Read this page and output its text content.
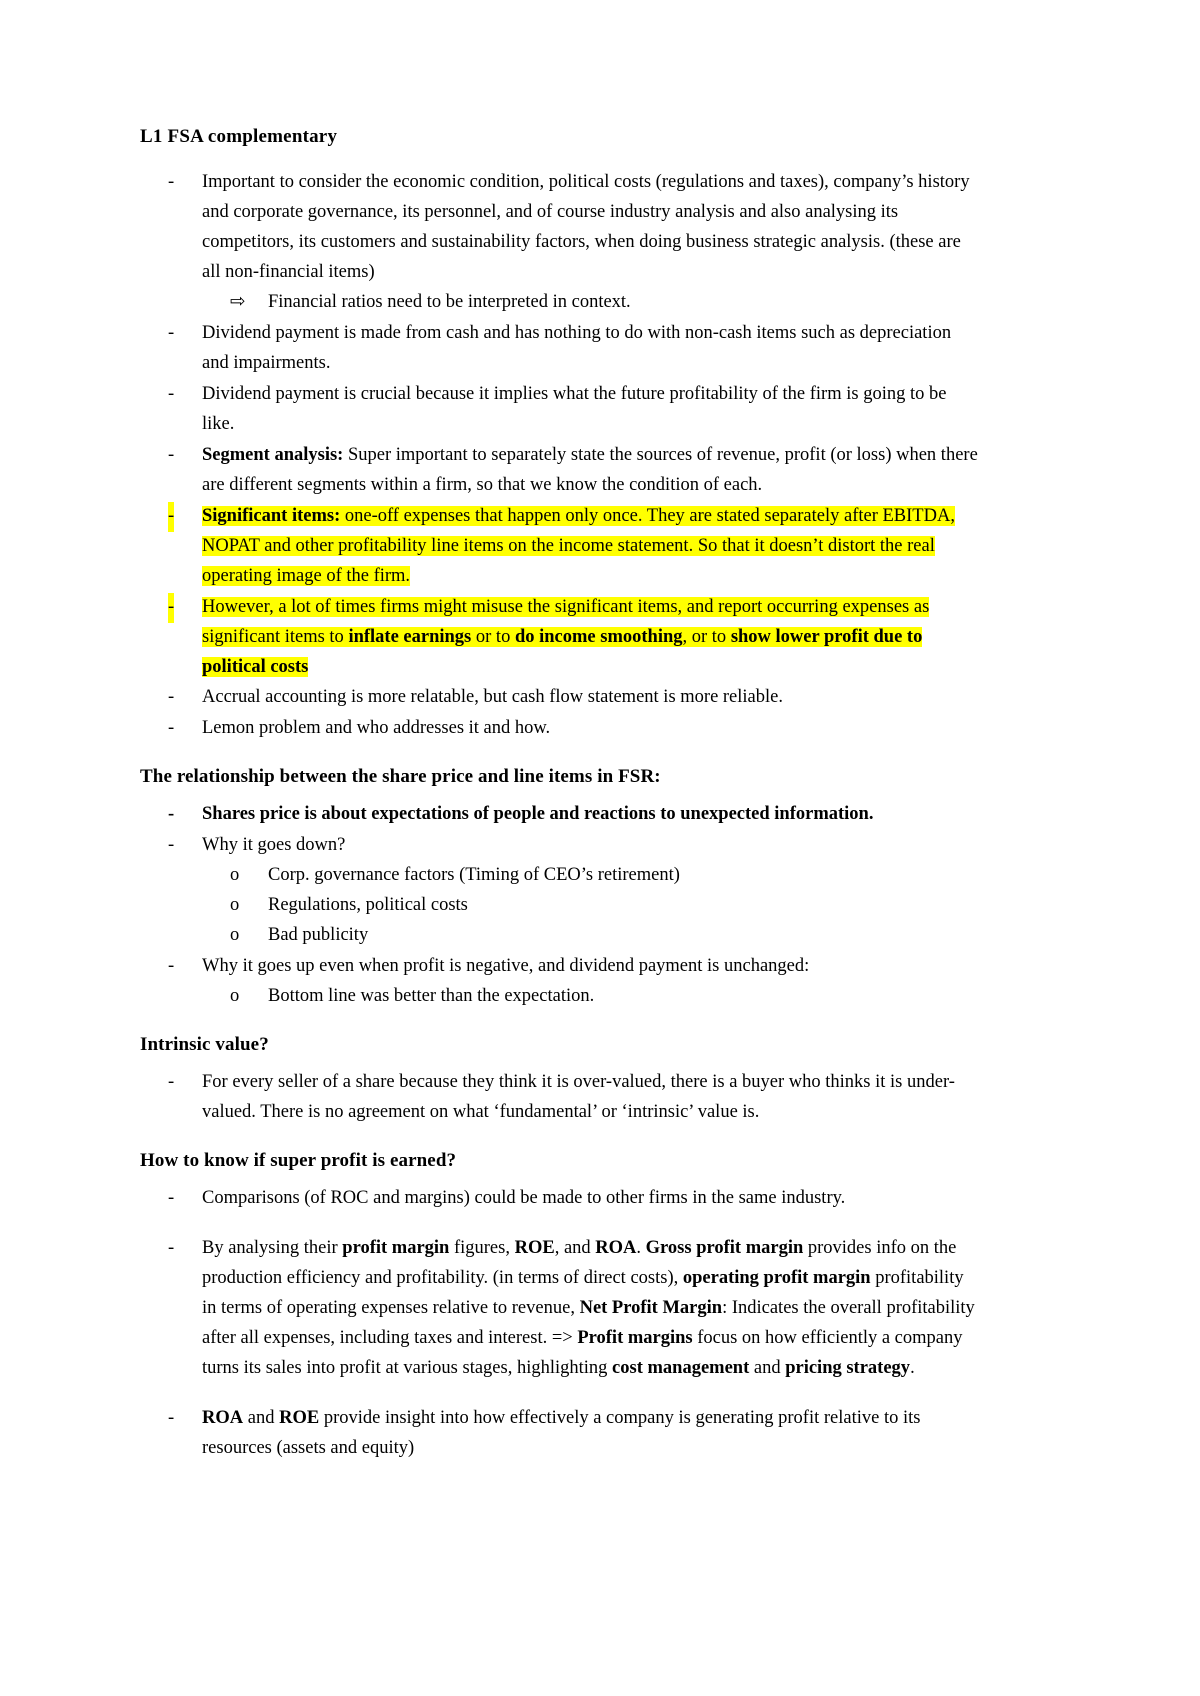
L1 FSA complementary
- Important to consider the economic condition, political costs (regulations and taxes), company’s history and corporate governance, its personnel, and of course industry analysis and also analysing its competitors, its customers and sustainability factors, when doing business strategic analysis. (these are all non-financial items)
⇨ Financial ratios need to be interpreted in context.
- Dividend payment is made from cash and has nothing to do with non-cash items such as depreciation and impairments.
- Dividend payment is crucial because it implies what the future profitability of the firm is going to be like.
- Segment analysis: Super important to separately state the sources of revenue, profit (or loss) when there are different segments within a firm, so that we know the condition of each.
- Significant items: one-off expenses that happen only once. They are stated separately after EBITDA, NOPAT and other profitability line items on the income statement. So that it doesn’t distort the real operating image of the firm.
- However, a lot of times firms might misuse the significant items, and report occurring expenses as significant items to inflate earnings or to do income smoothing, or to show lower profit due to political costs
- Accrual accounting is more relatable, but cash flow statement is more reliable.
- Lemon problem and who addresses it and how.
The relationship between the share price and line items in FSR:
- Shares price is about expectations of people and reactions to unexpected information.
- Why it goes down?
o Corp. governance factors (Timing of CEO’s retirement)
o Regulations, political costs
o Bad publicity
- Why it goes up even when profit is negative, and dividend payment is unchanged:
o Bottom line was better than the expectation.
Intrinsic value?
- For every seller of a share because they think it is over-valued, there is a buyer who thinks it is under-valued. There is no agreement on what ‘fundamental’ or ‘intrinsic’ value is.
How to know if super profit is earned?
- Comparisons (of ROC and margins) could be made to other firms in the same industry.
- By analysing their profit margin figures, ROE, and ROA. Gross profit margin provides info on the production efficiency and profitability. (in terms of direct costs), operating profit margin profitability in terms of operating expenses relative to revenue, Net Profit Margin: Indicates the overall profitability after all expenses, including taxes and interest. => Profit margins focus on how efficiently a company turns its sales into profit at various stages, highlighting cost management and pricing strategy.
- ROA and ROE provide insight into how effectively a company is generating profit relative to its resources (assets and equity)
